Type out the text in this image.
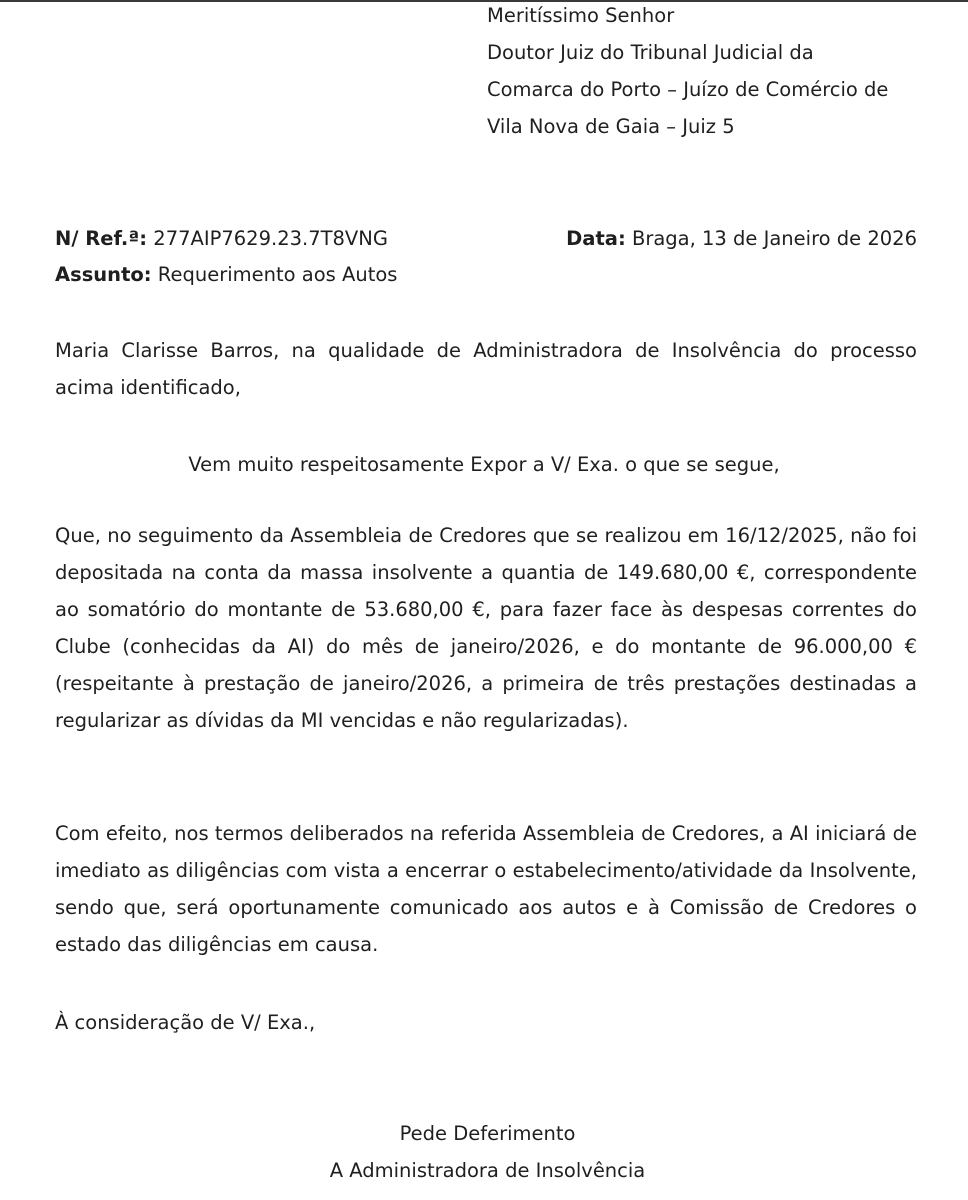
Meritíssimo Senhor
Doutor Juiz do Tribunal Judicial da
Comarca do Porto – Juízo de Comércio de
Vila Nova de Gaia – Juiz 5
N/ Ref.ª: 277AIP7629.23.7T8VNG	Data: Braga, 13 de Janeiro de 2026
Assunto: Requerimento aos Autos
Maria Clarisse Barros, na qualidade de Administradora de Insolvência do processo acima identificado,
Vem muito respeitosamente Expor a V/ Exa. o que se segue,
Que, no seguimento da Assembleia de Credores que se realizou em 16/12/2025, não foi depositada na conta da massa insolvente a quantia de 149.680,00 €, correspondente ao somatório do montante de 53.680,00 €, para fazer face às despesas correntes do Clube (conhecidas da AI) do mês de janeiro/2026, e do montante de 96.000,00 € (respeitante à prestação de janeiro/2026, a primeira de três prestações destinadas a regularizar as dívidas da MI vencidas e não regularizadas).
Com efeito, nos termos deliberados na referida Assembleia de Credores, a AI iniciará de imediato as diligências com vista a encerrar o estabelecimento/atividade da Insolvente, sendo que, será oportunamente comunicado aos autos e à Comissão de Credores o estado das diligências em causa.
À consideração de V/ Exa.,
Pede Deferimento
A Administradora de Insolvência
